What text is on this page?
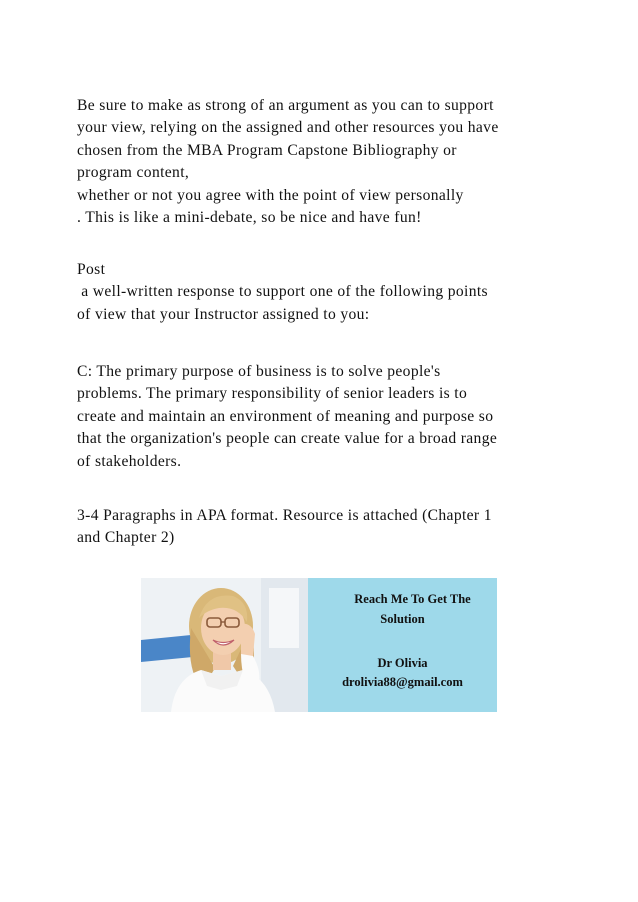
Be sure to make as strong of an argument as you can to support
your view, relying on the assigned and other resources you have
chosen from the MBA Program Capstone Bibliography or
program content,
whether or not you agree with the point of view personally
. This is like a mini-debate, so be nice and have fun!
Post
a well-written response to support one of the following points
of view that your Instructor assigned to you:
C: The primary purpose of business is to solve people's
problems. The primary responsibility of senior leaders is to
create and maintain an environment of meaning and purpose so
that the organization's people can create value for a broad range
of stakeholders.
3-4 Paragraphs in APA format. Resource is attached (Chapter 1
and Chapter 2)
Reach Me To Get The
Solution
Dr Olivia
drolivia88@gmail.com
